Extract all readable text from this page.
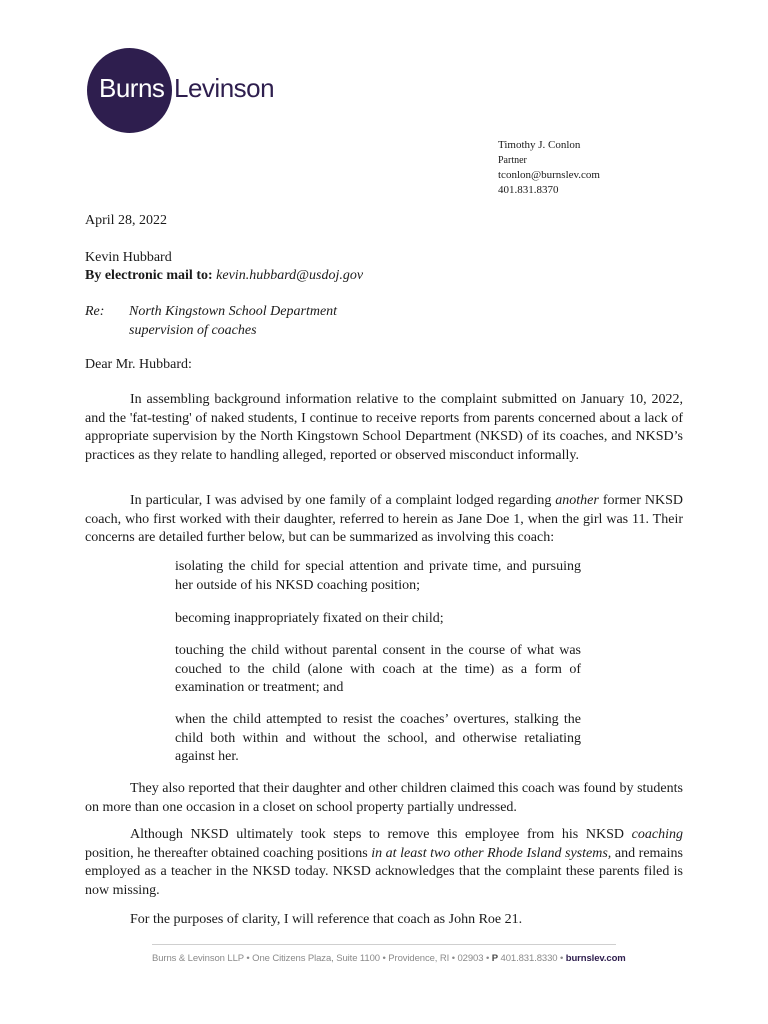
Burns Levinson
Timothy J. Conlon
Partner
tconlon@burnslev.com
401.831.8370
April 28, 2022
Kevin Hubbard
By electronic mail to: kevin.hubbard@usdoj.gov
Re: North Kingstown School Department
supervision of coaches
Dear Mr. Hubbard:

In assembling background information relative to the complaint submitted on January 10, 2022, and the 'fat-testing' of naked students, I continue to receive reports from parents concerned about a lack of appropriate supervision by the North Kingstown School Department (NKSD) of its coaches, and NKSD’s practices as they relate to handling alleged, reported or observed misconduct informally.

In particular, I was advised by one family of a complaint lodged regarding another former NKSD coach, who first worked with their daughter, referred to herein as Jane Doe 1, when the girl was 11. Their concerns are detailed further below, but can be summarized as involving this coach:

isolating the child for special attention and private time, and pursuing her outside of his NKSD coaching position;

becoming inappropriately fixated on their child;

touching the child without parental consent in the course of what was couched to the child (alone with coach at the time) as a form of examination or treatment; and

when the child attempted to resist the coaches’ overtures, stalking the child both within and without the school, and otherwise retaliating against her.

They also reported that their daughter and other children claimed this coach was found by students on more than one occasion in a closet on school property partially undressed.

Although NKSD ultimately took steps to remove this employee from his NKSD coaching position, he thereafter obtained coaching positions in at least two other Rhode Island systems, and remains employed as a teacher in the NKSD today. NKSD acknowledges that the complaint these parents filed is now missing.

For the purposes of clarity, I will reference that coach as John Roe 21.

Burns & Levinson LLP • One Citizens Plaza, Suite 1100 • Providence, RI • 02903 • P 401.831.8330 • burnslev.com
